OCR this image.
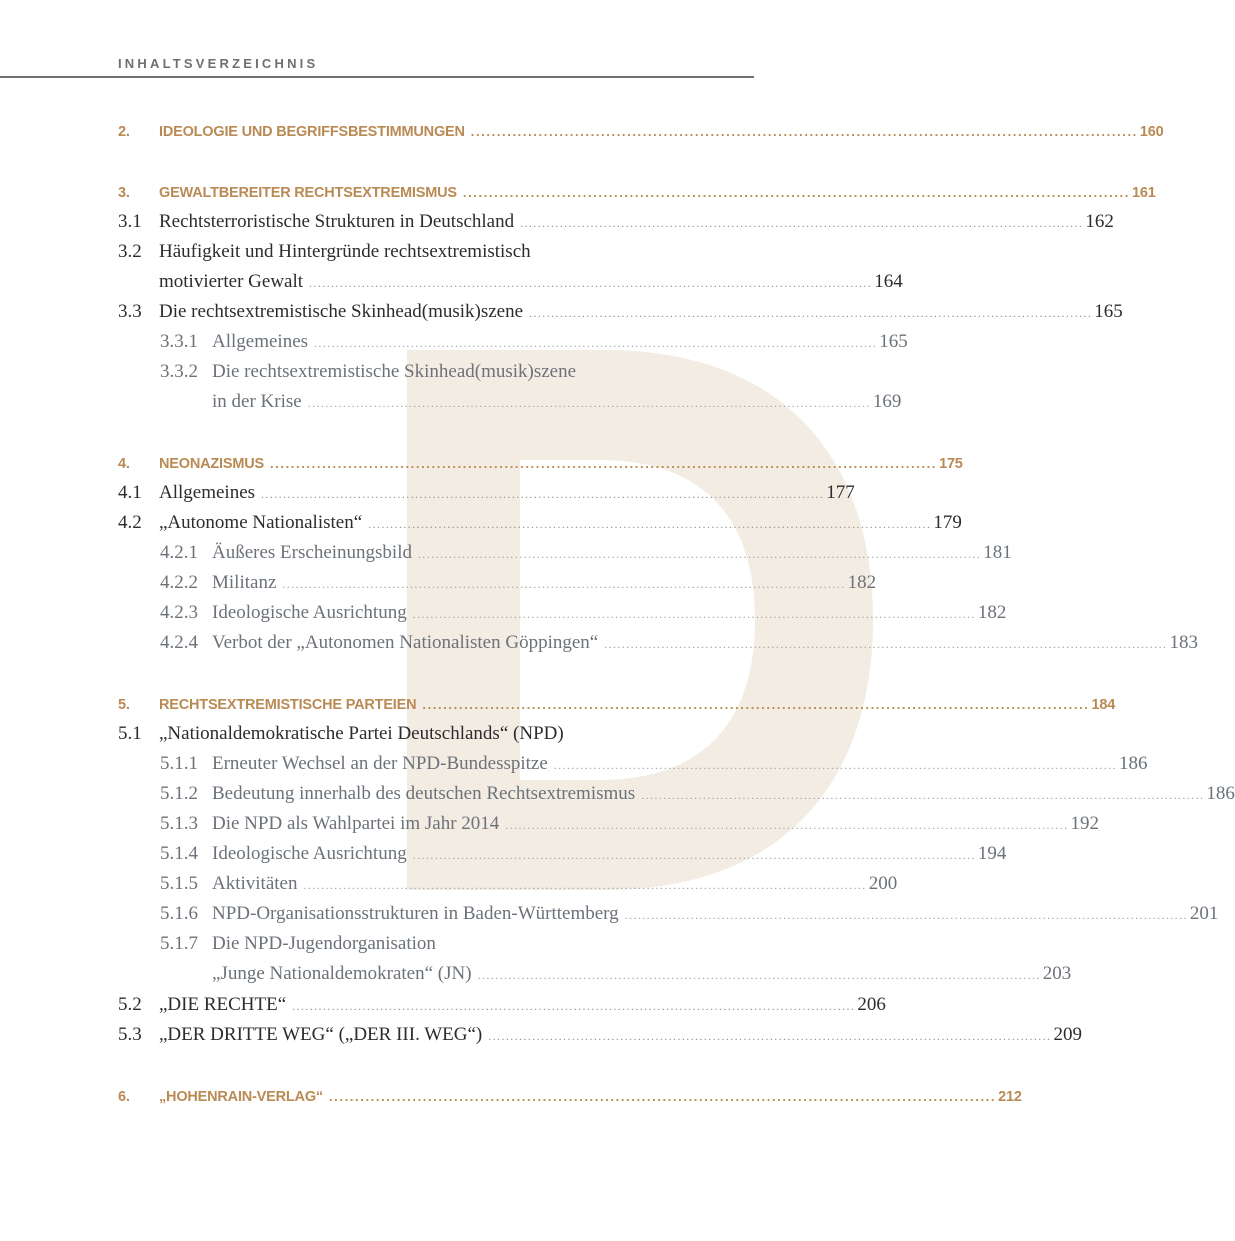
INHALTSVERZEICHNIS
2. IDEOLOGIE UND BEGRIFFSBESTIMMUNGEN ................................................................................................................................ 160
3. GEWALTBEREITER RECHTSEXTREMISMUS ................................................................................................................................ 161
3.1 Rechtsterroristische Strukturen in Deutschland ................................................................................................................................ 162
3.2 Häufigkeit und Hintergründe rechtsextremistisch
motivierter Gewalt ................................................................................................................................ 164
3.3 Die rechtsextremistische Skinhead(musik)szene ................................................................................................................................ 165
3.3.1 Allgemeines ................................................................................................................................ 165
3.3.2 Die rechtsextremistische Skinhead(musik)szene
in der Krise ................................................................................................................................ 169
4. NEONAZISMUS ................................................................................................................................ 175
4.1 Allgemeines ................................................................................................................................ 177
4.2 „Autonome Nationalisten“ ................................................................................................................................ 179
4.2.1 Äußeres Erscheinungsbild ................................................................................................................................ 181
4.2.2 Militanz ................................................................................................................................ 182
4.2.3 Ideologische Ausrichtung ................................................................................................................................ 182
4.2.4 Verbot der „Autonomen Nationalisten Göppingen“ ................................................................................................................................ 183
5. RECHTSEXTREMISTISCHE PARTEIEN ................................................................................................................................ 184
5.1 „Nationaldemokratische Partei Deutschlands“ (NPD)
5.1.1 Erneuter Wechsel an der NPD-Bundesspitze ................................................................................................................................ 186
5.1.2 Bedeutung innerhalb des deutschen Rechtsextremismus ................................................................................................................................ 186
5.1.3 Die NPD als Wahlpartei im Jahr 2014 ................................................................................................................................ 192
5.1.4 Ideologische Ausrichtung ................................................................................................................................ 194
5.1.5 Aktivitäten ................................................................................................................................ 200
5.1.6 NPD-Organisationsstrukturen in Baden-Württemberg ................................................................................................................................ 201
5.1.7 Die NPD-Jugendorganisation
„Junge Nationaldemokraten“ (JN) ................................................................................................................................ 203
5.2 „DIE RECHTE“ ................................................................................................................................ 206
5.3 „DER DRITTE WEG“ („DER III. WEG“) ................................................................................................................................ 209
6. „HOHENRAIN-VERLAG“ ................................................................................................................................ 212
